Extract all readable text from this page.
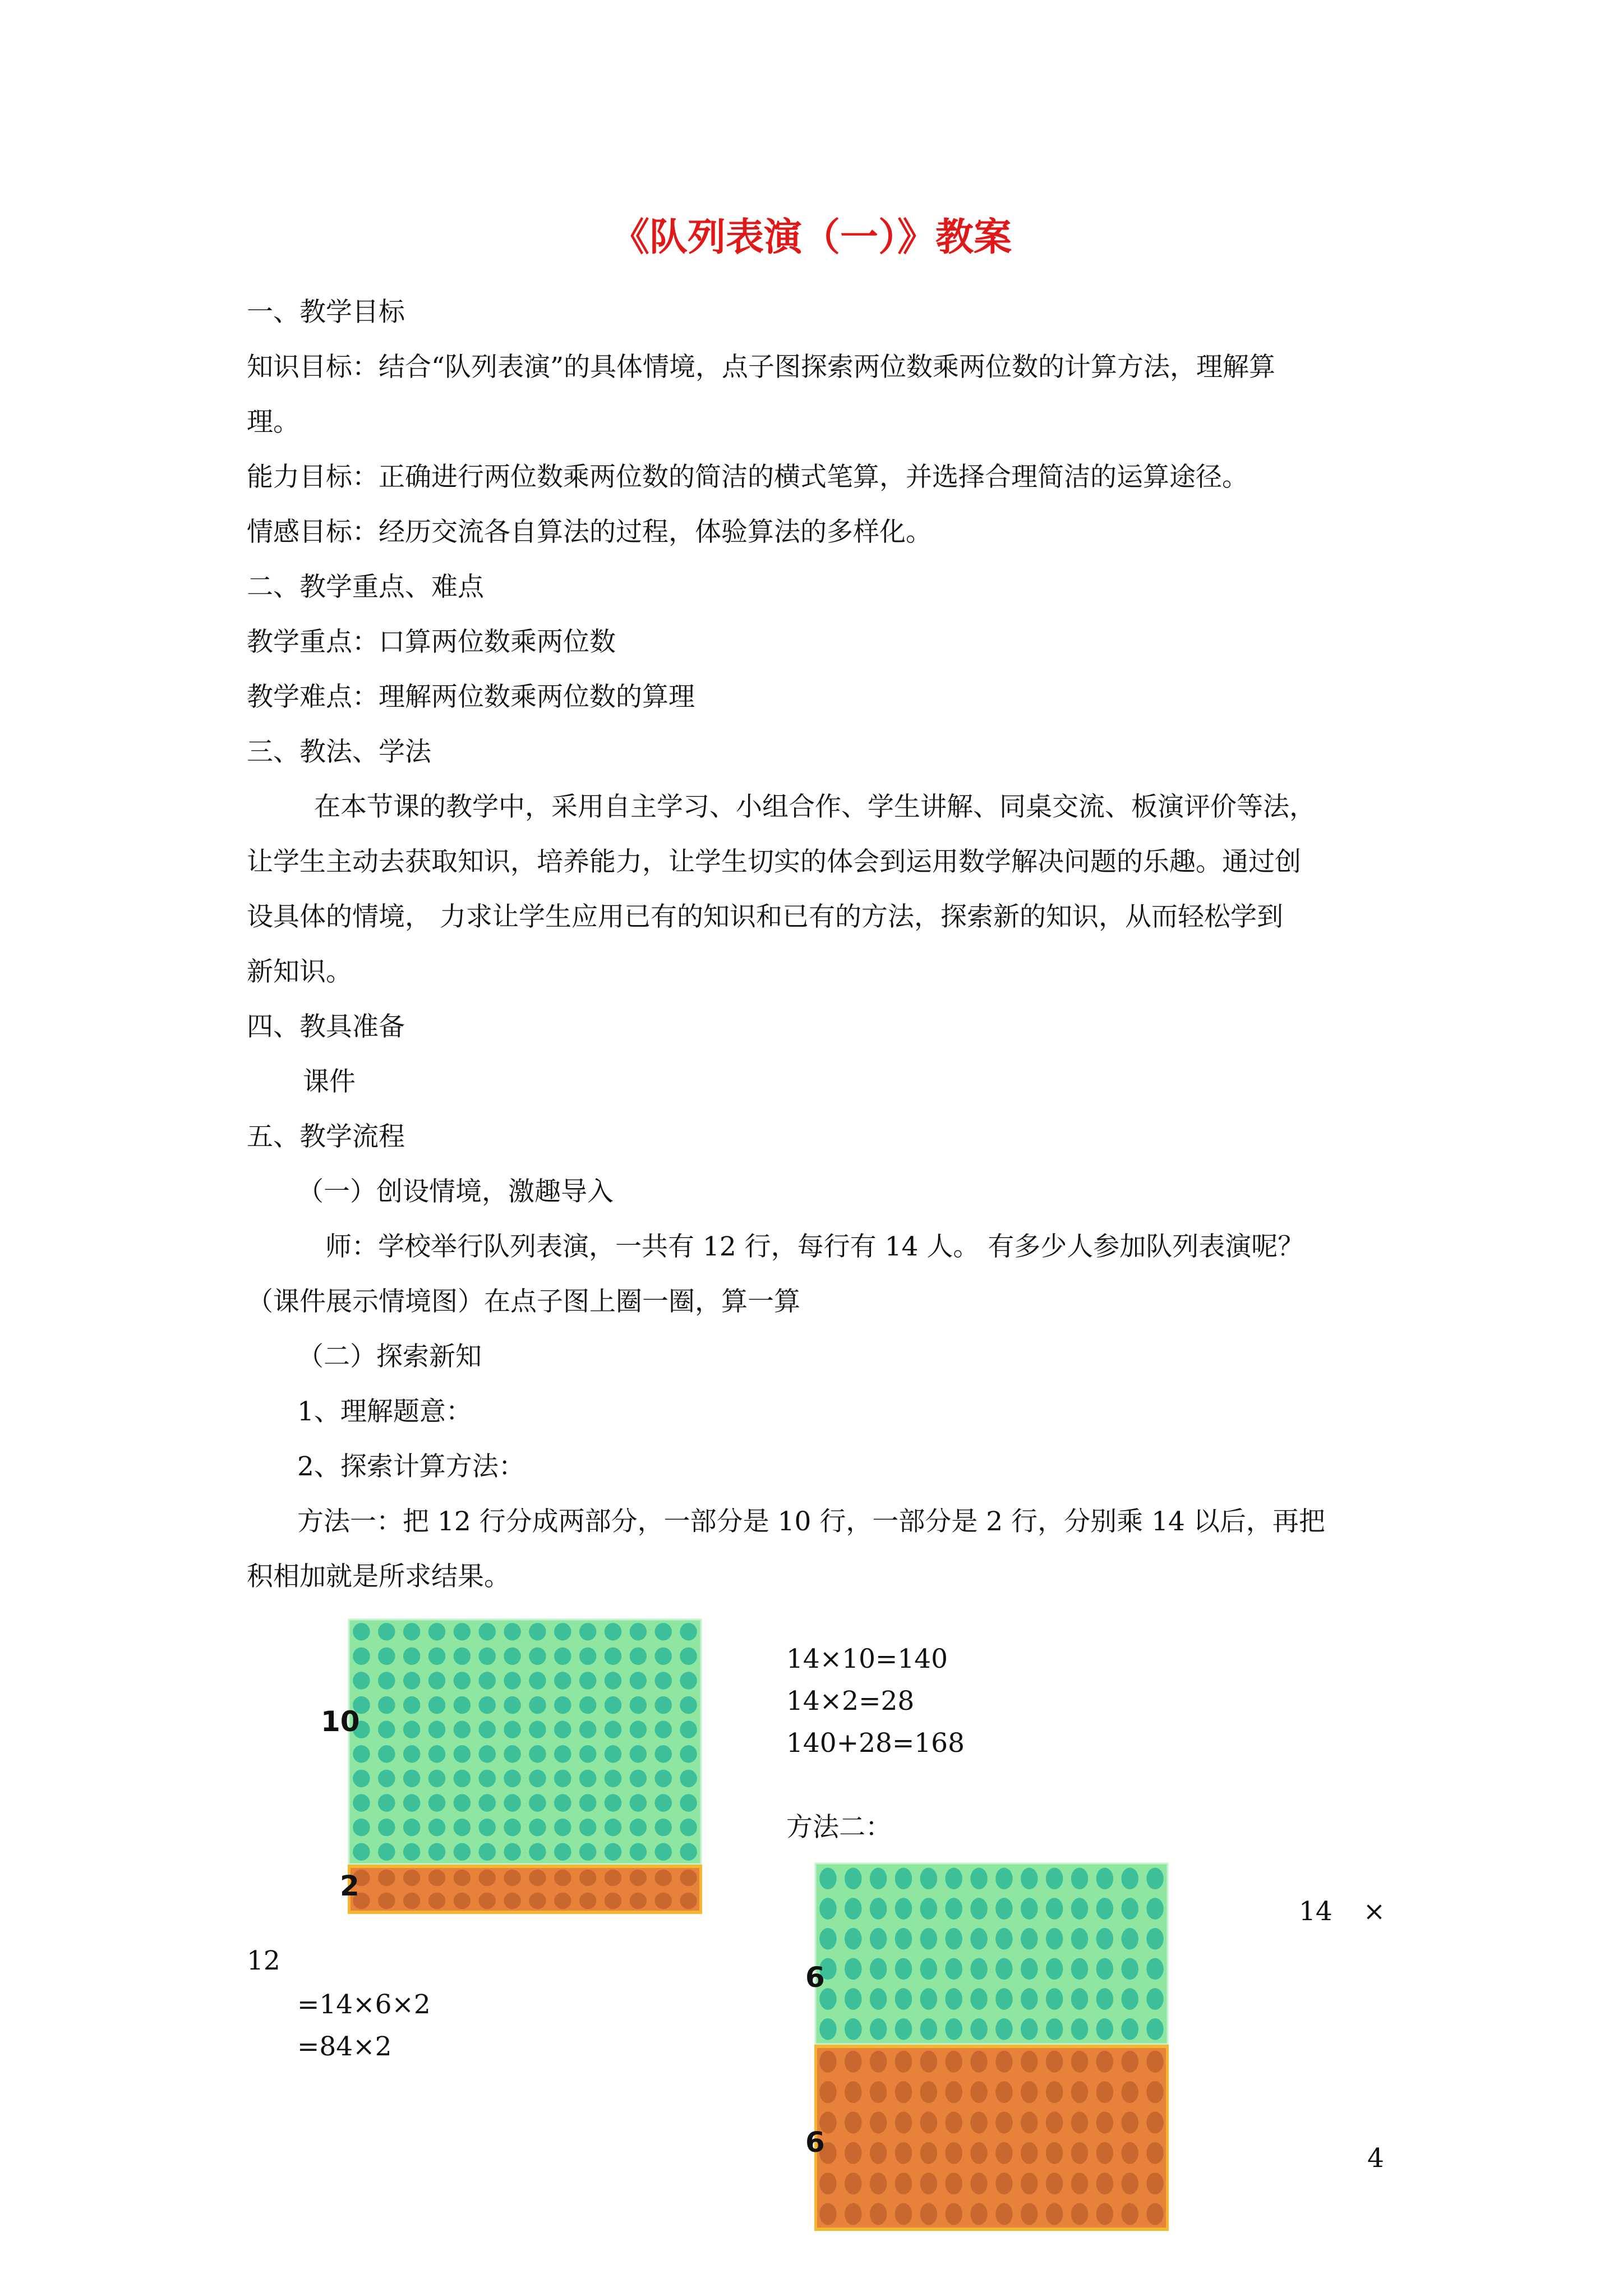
《队列表演（一）》教案
一、教学目标
知识目标：结合“队列表演”的具体情境，点子图探索两位数乘两位数的计算方法，理解算
理。
能力目标：正确进行两位数乘两位数的简洁的横式笔算，并选择合理简洁的运算途径。
情感目标：经历交流各自算法的过程，体验算法的多样化。
二、教学重点、难点
教学重点：口算两位数乘两位数
教学难点：理解两位数乘两位数的算理
三、教法、学法
在本节课的教学中，采用自主学习、小组合作、学生讲解、同桌交流、板演评价等法，
让学生主动去获取知识，培养能力，让学生切实的体会到运用数学解决问题的乐趣。通过创
设具体的情境， 力求让学生应用已有的知识和已有的方法，探索新的知识，从而轻松学到
新知识。
四、教具准备
课件
五、教学流程
（一）创设情境，激趣导入
师：学校举行队列表演，一共有 12 行，每行有 14 人。 有多少人参加队列表演呢？
（课件展示情境图）在点子图上圈一圈，算一算
（二）探索新知
1、理解题意：
2、探索计算方法：
方法一：把 12 行分成两部分，一部分是 10 行，一部分是 2 行，分别乘 14 以后，再把
积相加就是所求结果。
10
2
14×10=140
14×2=28
140+28=168
方法二：
6
6
14 ×
12
=14×6×2
=84×2
4
